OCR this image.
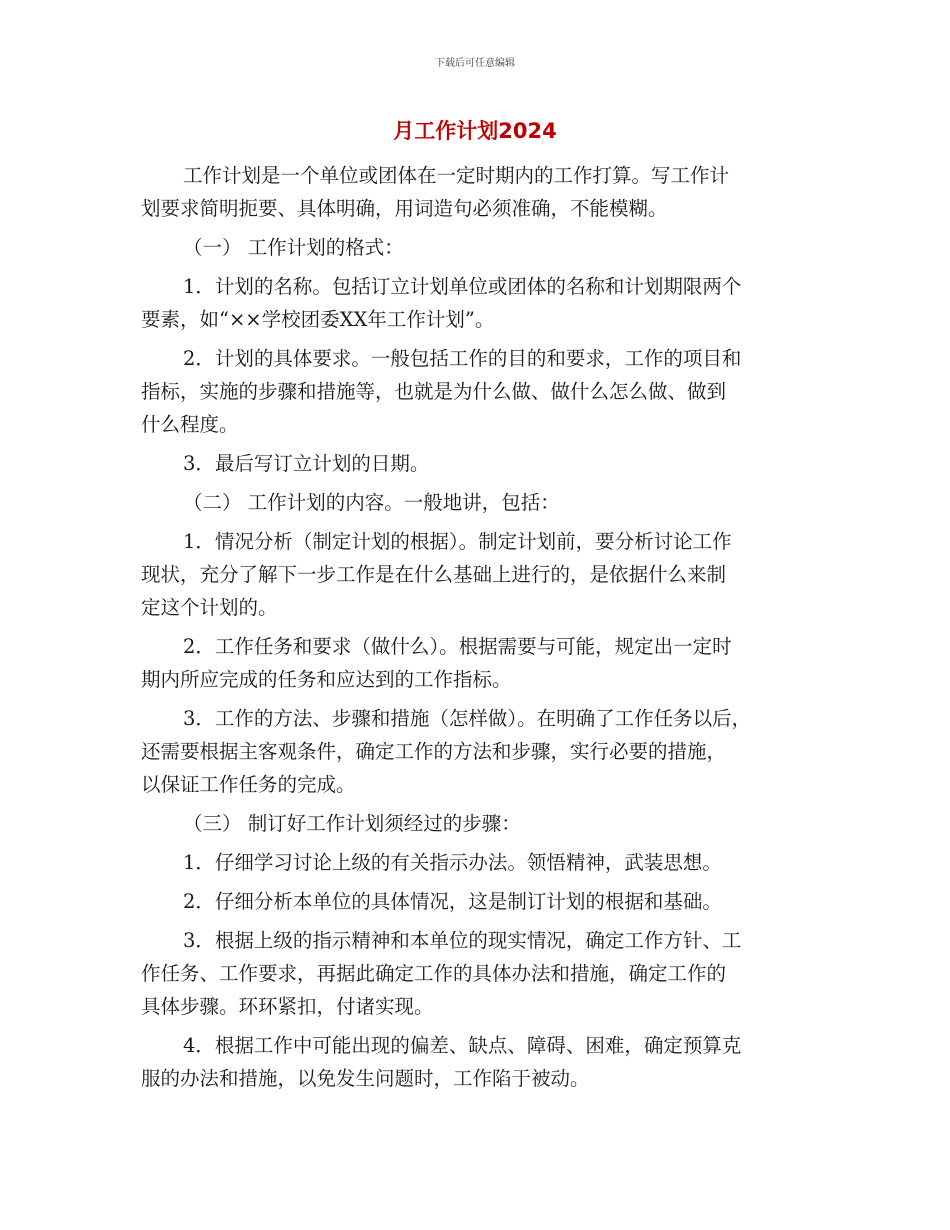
下载后可任意编辑
月工作计划2024
工作计划是一个单位或团体在一定时期内的工作打算。写工作计
划要求简明扼要、具体明确，用词造句必须准确，不能模糊。
（一） 工作计划的格式：
1．计划的名称。包括订立计划单位或团体的名称和计划期限两个
要素，如“××学校团委XX年工作计划”。
2．计划的具体要求。一般包括工作的目的和要求，工作的项目和
指标，实施的步骤和措施等，也就是为什么做、做什么怎么做、做到
什么程度。
3．最后写订立计划的日期。
（二） 工作计划的内容。一般地讲，包括：
1．情况分析（制定计划的根据）。制定计划前，要分析讨论工作
现状，充分了解下一步工作是在什么基础上进行的，是依据什么来制
定这个计划的。
2．工作任务和要求（做什么）。根据需要与可能，规定出一定时
期内所应完成的任务和应达到的工作指标。
3．工作的方法、步骤和措施（怎样做）。在明确了工作任务以后，
还需要根据主客观条件，确定工作的方法和步骤，实行必要的措施，
以保证工作任务的完成。
（三） 制订好工作计划须经过的步骤：
1．仔细学习讨论上级的有关指示办法。领悟精神，武装思想。
2．仔细分析本单位的具体情况，这是制订计划的根据和基础。
3．根据上级的指示精神和本单位的现实情况，确定工作方针、工
作任务、工作要求，再据此确定工作的具体办法和措施，确定工作的
具体步骤。环环紧扣，付诸实现。
4．根据工作中可能出现的偏差、缺点、障碍、困难，确定预算克
服的办法和措施，以免发生问题时，工作陷于被动。
